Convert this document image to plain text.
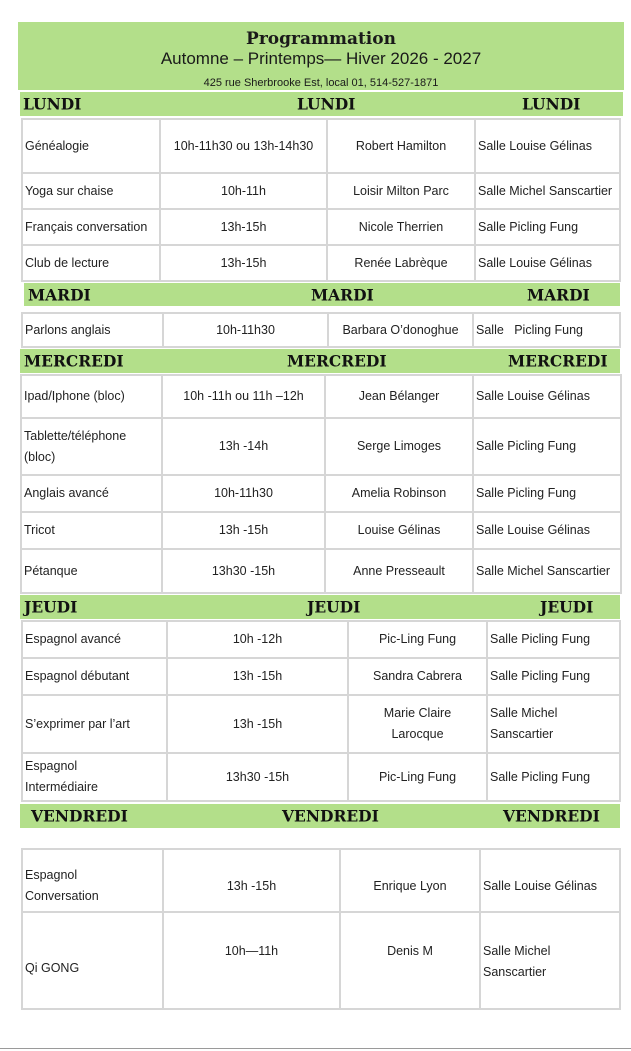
Programmation
Automne – Printemps— Hiver 2026 - 2027
425 rue Sherbrooke Est, local 01, 514-527-1871
LUNDI	LUNDI	LUNDI
Généalogie	10h-11h30 ou 13h-14h30	Robert Hamilton	Salle Louise Gélinas
Yoga sur chaise	10h-11h	Loisir Milton Parc	Salle Michel Sanscartier
Français conversation	13h-15h	Nicole Therrien	Salle Picling Fung
Club de lecture	13h-15h	Renée Labrèque	Salle Louise Gélinas
MARDI	MARDI	MARDI
Parlons anglais	10h-11h30	Barbara O’donoghue	Salle   Picling Fung
MERCREDI	MERCREDI	MERCREDI
Ipad/Iphone (bloc)	10h -11h ou 11h –12h	Jean Bélanger	Salle Louise Gélinas
Tablette/téléphone (bloc)	13h -14h	Serge Limoges	Salle Picling Fung
Anglais avancé	10h-11h30	Amelia Robinson	Salle Picling Fung
Tricot	13h -15h	Louise Gélinas	Salle Louise Gélinas
Pétanque	13h30 -15h	Anne Presseault	Salle Michel Sanscartier
JEUDI	JEUDI	JEUDI
Espagnol avancé	10h -12h	Pic-Ling Fung	Salle Picling Fung
Espagnol débutant	13h -15h	Sandra Cabrera	Salle Picling Fung
S’exprimer par l’art	13h -15h	Marie Claire Larocque	Salle Michel Sanscartier
Espagnol Intermédiaire	13h30 -15h	Pic-Ling Fung	Salle Picling Fung
VENDREDI	VENDREDI	VENDREDI
Espagnol Conversation	13h -15h	Enrique Lyon	Salle Louise Gélinas
Qi GONG	10h—11h	Denis M	Salle Michel Sanscartier
